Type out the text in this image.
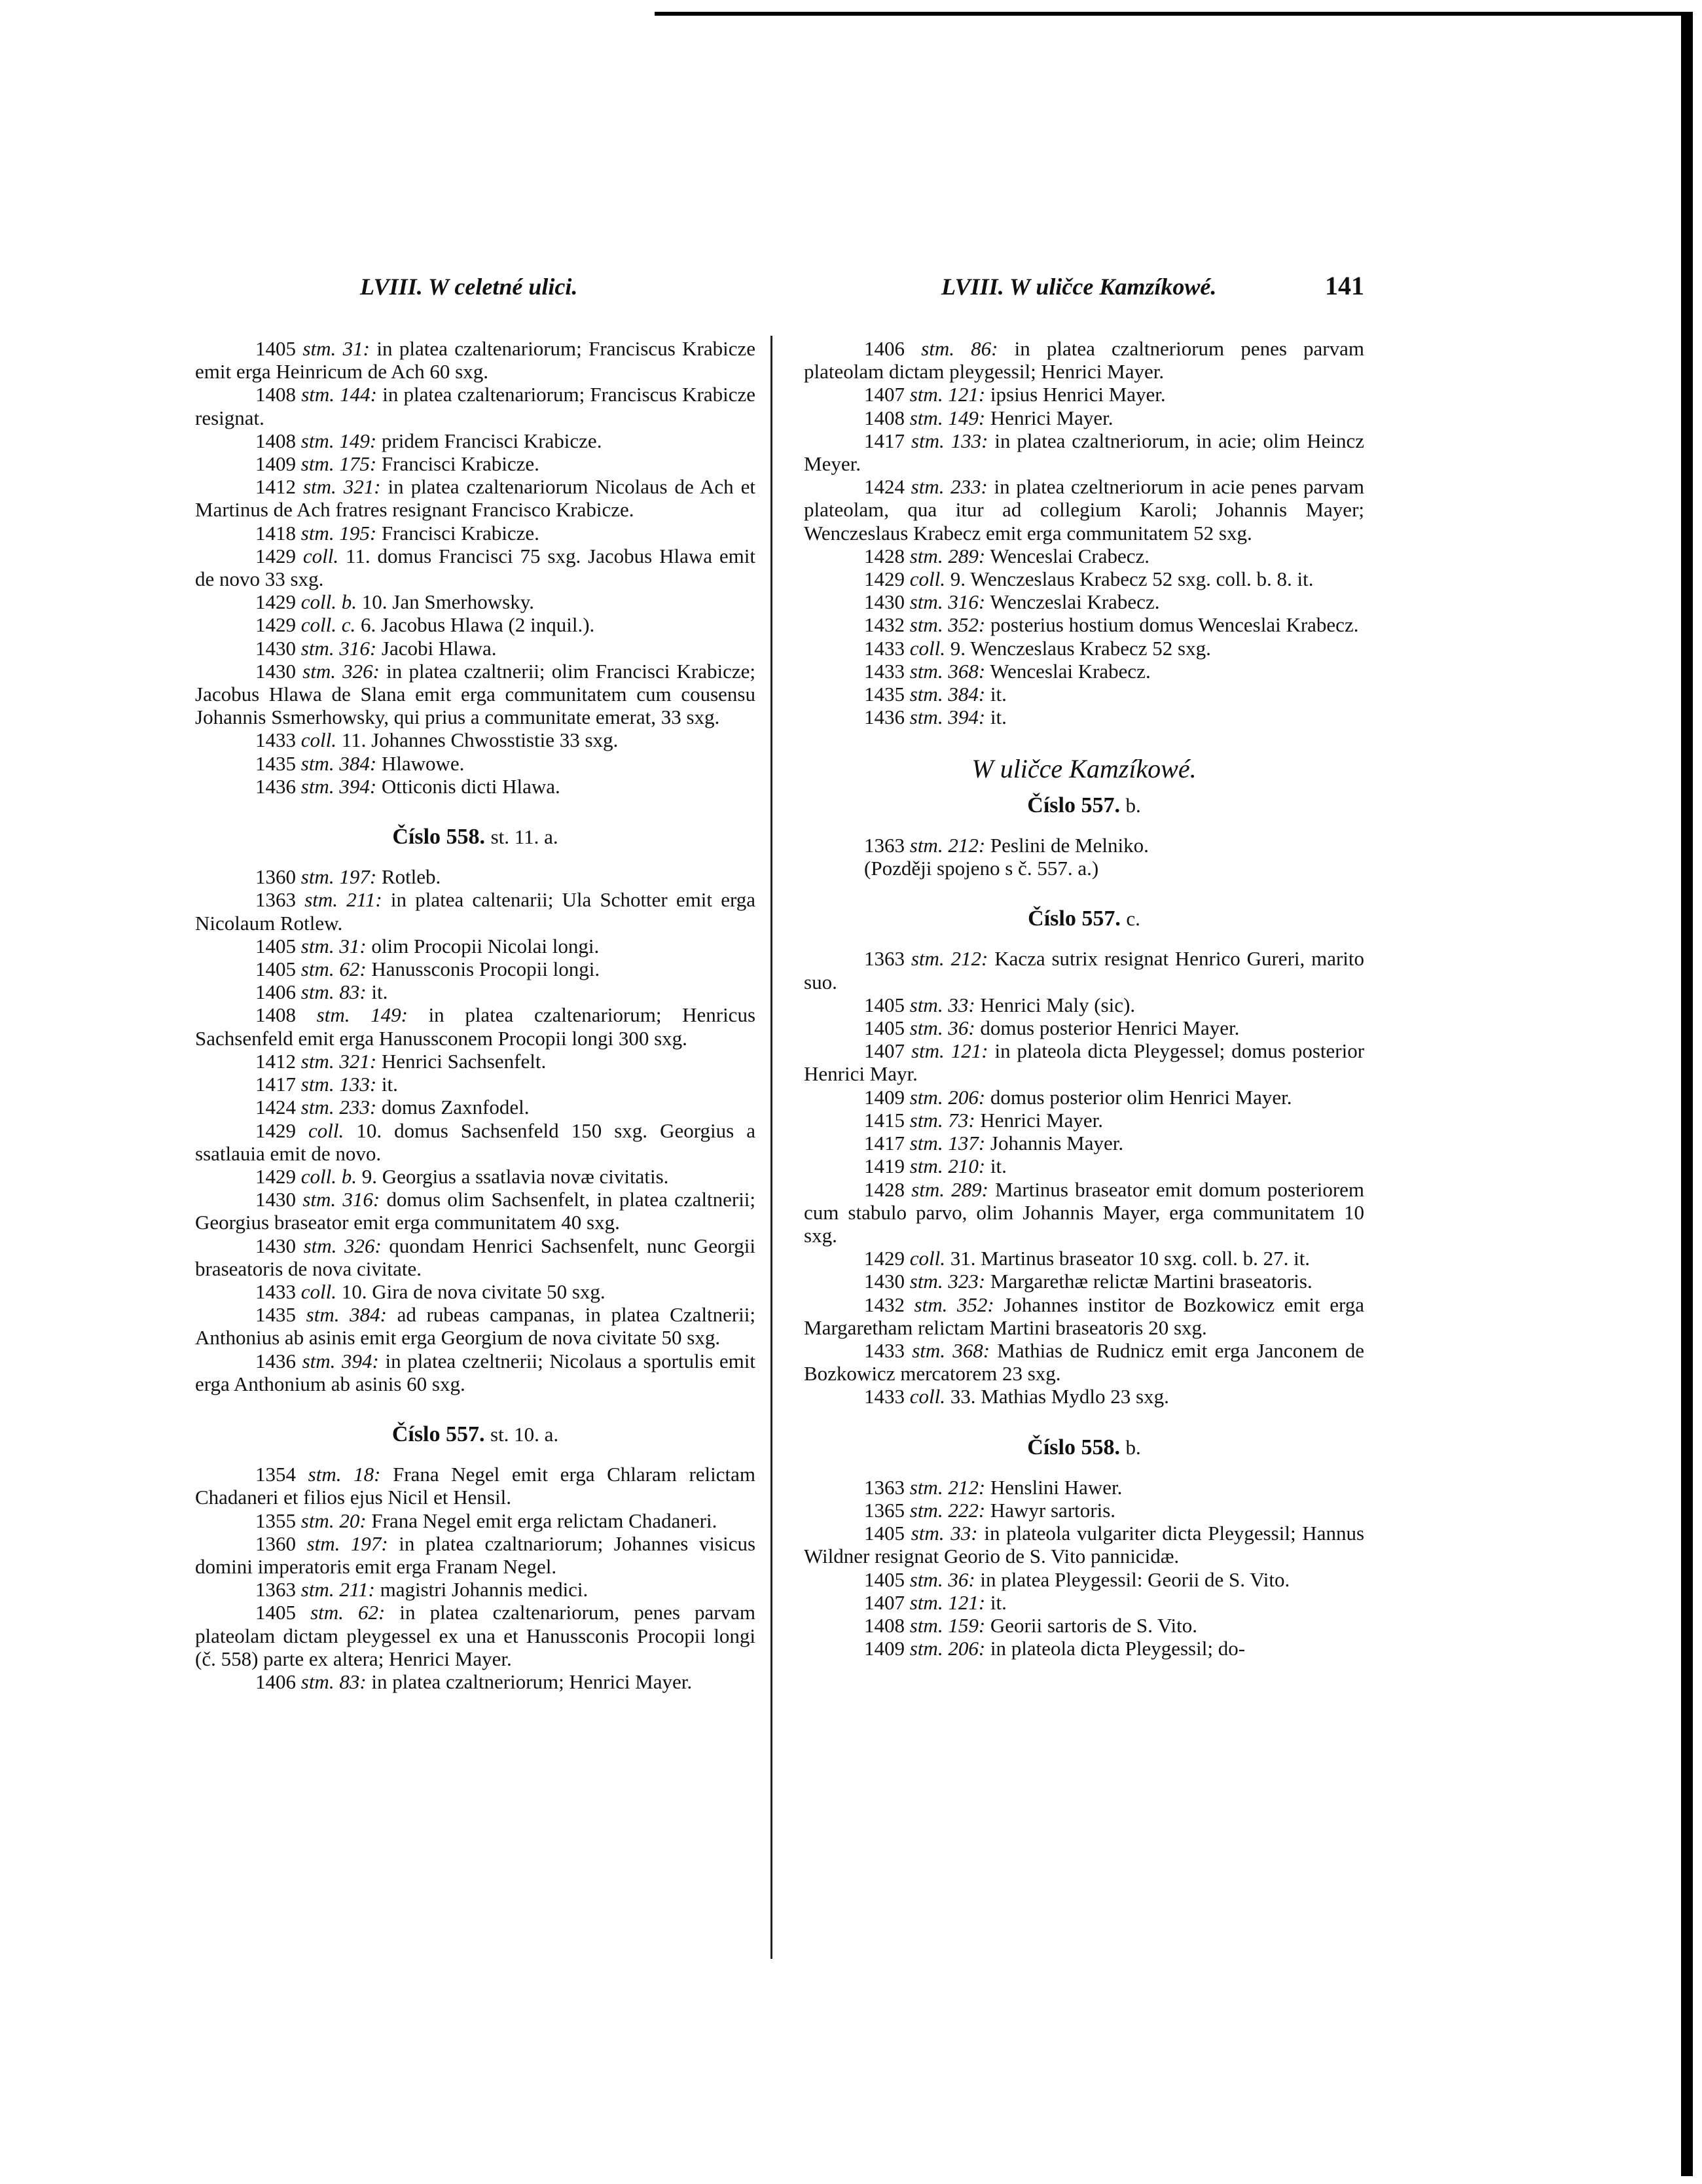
LVIII. W celetné ulici.	LVIII. W uličce Kamzíkowé.	141

1405 stm. 31: in platea czaltenariorum; Franciscus Krabicze emit erga Heinricum de Ach 60 sxg.

1408 stm. 144: in platea czaltenariorum; Franciscus Krabicze resignat.

1408 stm. 149: pridem Francisci Krabicze.

1409 stm. 175: Francisci Krabicze.

1412 stm. 321: in platea czaltenariorum Nicolaus de Ach et Martinus de Ach fratres resignant Francisco Krabicze.

1418 stm. 195: Francisci Krabicze.

1429 coll. 11. domus Francisci 75 sxg. Jacobus Hlawa emit de novo 33 sxg.

1429 coll. b. 10. Jan Smerhowsky.

1429 coll. c. 6. Jacobus Hlawa (2 inquil.).

1430 stm. 316: Jacobi Hlawa.

1430 stm. 326: in platea czaltnerii; olim Francisci Krabicze; Jacobus Hlawa de Slana emit erga communitatem cum cousensu Johannis Ssmerhowsky, qui prius a communitate emerat, 33 sxg.

1433 coll. 11. Johannes Chwosstistie 33 sxg.

1435 stm. 384: Hlawowe.

1436 stm. 394: Otticonis dicti Hlawa.

Číslo 558. st. 11. a.

1360 stm. 197: Rotleb.

1363 stm. 211: in platea caltenarii; Ula Schotter emit erga Nicolaum Rotlew.

1405 stm. 31: olim Procopii Nicolai longi.

1405 stm. 62: Hanussconis Procopii longi.

1406 stm. 83: it.

1408 stm. 149: in platea czaltenariorum; Henricus Sachsenfeld emit erga Hanussconem Procopii longi 300 sxg.

1412 stm. 321: Henrici Sachsenfelt.

1417 stm. 133: it.

1424 stm. 233: domus Zaxnfodel.

1429 coll. 10. domus Sachsenfeld 150 sxg. Georgius a ssatlauia emit de novo.

1429 coll. b. 9. Georgius a ssatlavia novæ civitatis.

1430 stm. 316: domus olim Sachsenfelt, in platea czaltnerii; Georgius braseator emit erga communitatem 40 sxg.

1430 stm. 326: quondam Henrici Sachsenfelt, nunc Georgii braseatoris de nova civitate.

1433 coll. 10. Gira de nova civitate 50 sxg.

1435 stm. 384: ad rubeas campanas, in platea Czaltnerii; Anthonius ab asinis emit erga Georgium de nova civitate 50 sxg.

1436 stm. 394: in platea czeltnerii; Nicolaus a sportulis emit erga Anthonium ab asinis 60 sxg.

Číslo 557. st. 10. a.

1354 stm. 18: Frana Negel emit erga Chlaram relictam Chadaneri et filios ejus Nicil et Hensil.

1355 stm. 20: Frana Negel emit erga relictam Chadaneri.

1360 stm. 197: in platea czaltnariorum; Johannes visicus domini imperatoris emit erga Franam Negel.

1363 stm. 211: magistri Johannis medici.

1405 stm. 62: in platea czaltenariorum, penes parvam plateolam dictam pleygessel ex una et Hanussconis Procopii longi (č. 558) parte ex altera; Henrici Mayer.

1406 stm. 83: in platea czaltneriorum; Henrici Mayer.

1406 stm. 86: in platea czaltneriorum penes parvam plateolam dictam pleygessil; Henrici Mayer.

1407 stm. 121: ipsius Henrici Mayer.

1408 stm. 149: Henrici Mayer.

1417 stm. 133: in platea czaltneriorum, in acie; olim Heincz Meyer.

1424 stm. 233: in platea czeltneriorum in acie penes parvam plateolam, qua itur ad collegium Karoli; Johannis Mayer; Wenczeslaus Krabecz emit erga communitatem 52 sxg.

1428 stm. 289: Wenceslai Crabecz.

1429 coll. 9. Wenczeslaus Krabecz 52 sxg. coll. b. 8. it.

1430 stm. 316: Wenczeslai Krabecz.

1432 stm. 352: posterius hostium domus Wenceslai Krabecz.

1433 coll. 9. Wenczeslaus Krabecz 52 sxg.

1433 stm. 368: Wenceslai Krabecz.

1435 stm. 384: it.

1436 stm. 394: it.

W uličce Kamzíkowé.
Číslo 557. b.

1363 stm. 212: Peslini de Melniko.

(Později spojeno s č. 557. a.)

Číslo 557. c.

1363 stm. 212: Kacza sutrix resignat Henrico Gureri, marito suo.

1405 stm. 33: Henrici Maly (sic).

1405 stm. 36: domus posterior Henrici Mayer.

1407 stm. 121: in plateola dicta Pleygessel; domus posterior Henrici Mayr.

1409 stm. 206: domus posterior olim Henrici Mayer.

1415 stm. 73: Henrici Mayer.

1417 stm. 137: Johannis Mayer.

1419 stm. 210: it.

1428 stm. 289: Martinus braseator emit domum posteriorem cum stabulo parvo, olim Johannis Mayer, erga communitatem 10 sxg.

1429 coll. 31. Martinus braseator 10 sxg. coll. b. 27. it.

1430 stm. 323: Margarethæ relictæ Martini braseatoris.

1432 stm. 352: Johannes institor de Bozkowicz emit erga Margaretham relictam Martini braseatoris 20 sxg.

1433 stm. 368: Mathias de Rudnicz emit erga Janconem de Bozkowicz mercatorem 23 sxg.

1433 coll. 33. Mathias Mydlo 23 sxg.

Číslo 558. b.

1363 stm. 212: Henslini Hawer.

1365 stm. 222: Hawyr sartoris.

1405 stm. 33: in plateola vulgariter dicta Pleygessil; Hannus Wildner resignat Georio de S. Vito pannicidæ.

1405 stm. 36: in platea Pleygessil: Georii de S. Vito.

1407 stm. 121: it.

1408 stm. 159: Georii sartoris de S. Vito.

1409 stm. 206: in plateola dicta Pleygessil; do-
